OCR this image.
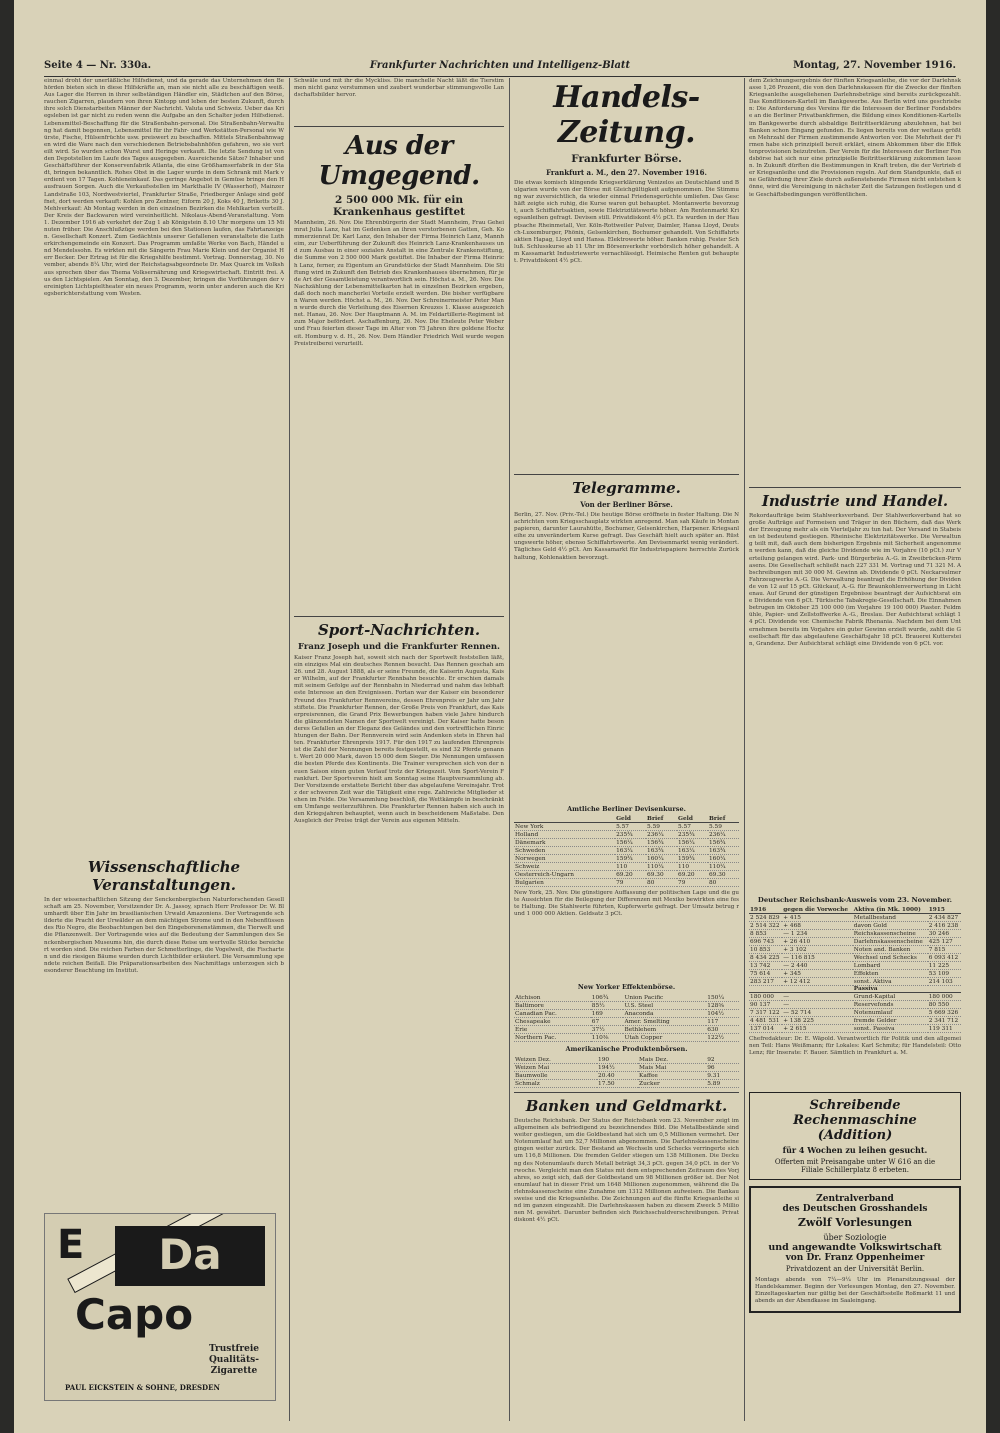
Seite 4 — Nr. 330a.	Frankfurter Nachrichten und Intelligenz-Blatt	Montag, 27. November 1916.
einmal droht der unerläßliche Hilfsdienst, und da gerade das Unternehmen den Behörden bieten sich in diese Hilfskräfte an, man sie nicht alle zu beschäftigen weiß. Aus Lager die Herren in ihrer selbständigen Händler ein, Städtchen auf den Börse, rauchen Zigarren, plaudern von ihren Kintopp und leben der besten Zukunft, durch ihre solch Dienstarbeiten Männer der Nachricht. Valuta und Schweiz. Ueber das Kriegsleben ist gar nicht zu reden wenn die Aufgabe an den Schalter jeden Hilfsdienst. Lebensmittel-Beschaffung für die Straßenbahn-personal. Die Straßenbahn-Verwaltung hat damit begonnen, Lebensmittel für ihr Fahr- und Werkstätten-Personal wie Würste, Fische, Hülsenfrüchte usw. preiswert zu beschaffen. Mittels Straßenbahnwagen wird die Ware nach den verschiedenen Betriebsbahnhöfen gefahren, wo sie verteilt wird. So wurden schon Wurst und Heringe verkauft. Die letzte Sendung ist von den Depotstellen im Laufe des Tages ausgegeben. Ausreichende Sätze? Inhaber und Geschäftsführer der Konservenfabrik Atlanta, die eine Größhamserfabrik in der Stadt, bringen bekanntlich. Rohes Obst in die Lager wurde in dem Schrank mit Mark verdient von 17 Tagen. Kohleneinkauf. Das geringe Angebot in Gemüse bringe den Hausfrauen Sorgen. Auch die Verkaufsstellen im Markthalle IV (Wasserhof), Mainzer Landstraße 103, Nordwestviertel, Frankfurter Straße, Friedberger Anlage sind geöffnet, dort werden verkauft: Kohlen pro Zentner, Eiform 20 J, Koks 40 J, Briketts 30 J. Mehlverkauf: Ab Montag werden in den einzelnen Bezirken die Mehlkarten verteilt. Der Kreis der Backwaren wird vereinheitlicht. Nikolaus-Abend-Veranstaltung. Vom 1. Dezember 1916 ab verkehrt der Zug 1 ab Königstein 8.10 Uhr morgens um 15 Minuten früher. Die Anschlußzüge werden bei den Stationen laufen, das Fahrtanzeigen. Gesellschaft Konzert. Zum Gedächtnis unserer Gefallenen veranstaltete die Lutherkirchengemeinde ein Konzert. Das Programm umfaßte Werke von Bach, Händel und Mendelssohn. Es wirkten mit die Sängerin Frau Marie Klein und der Organist Herr Becker. Der Ertrag ist für die Kriegshilfe bestimmt. Vortrag. Donnerstag, 30. November, abends 8¼ Uhr, wird der Reichstagsabgeordnete Dr. Max Quarck im Volkshaus sprechen über das Thema Volksernährung und Kriegswirtschaft. Eintritt frei. Aus den Lichtspielen. Am Sonntag, den 3. Dezember, bringen die Vorführungen der vereinigten Lichtspieltheater ein neues Programm, worin unter anderen auch die Kriegsberichterstattung vom Westen.
Wissenschaftliche Veranstaltungen.
In der wissenschaftlichen Sitzung der Senckenbergischen Naturforschenden Gesellschaft am 25. November, Vorsitzender Dr. A. Jassoy, sprach Herr Professor Dr. W. Blumhardt über Ein Jahr im brasilianischen Urwald Amazoniens. Der Vortragende schilderte die Pracht der Urwälder an dem mächtigen Strome und in den Nebenflüssen des Rio Negro, die Beobachtungen bei den Eingeborenenstämmen, die Tierwelt und die Pflanzenwelt. Der Vortragende wies auf die Bedeutung der Sammlungen des Senckenbergischen Museums hin, die durch diese Reise um wertvolle Stücke bereichert worden sind. Die reichen Farben der Schmetterlinge, die Vogelwelt, die Fischarten und die riesigen Bäume wurden durch Lichtbilder erläutert. Die Versammlung spendete reichen Beifall. Die Präparationsarbeiten des Nachmittags unterzogen sich besonderer Beachtung im Institut.
E	Da
Capo
Trustfreie
Qualitäts-
Zigarette
PAUL EICKSTEIN & SOHNE, DRESDEN
Schwäle und mit ihr die Myckliss. Die manchelle Nacht läßt die Tierstimmen nicht ganz verstummen und zaubert wunderbar stimmungsvolle Landschaftsbilder hervor.
Aus der Umgegend.
2 500 000 Mk. für ein Krankenhaus gestiftet
Mannheim, 26. Nov. Die Ehrenbürgerin der Stadt Mannheim, Frau Geheimrat Julia Lanz, hat im Gedenken an ihren verstorbenen Gatten, Geh. Kommerzienrat Dr. Karl Lanz, den Inhaber der Firma Heinrich Lanz, Mannheim, zur Ueberführung der Zukunft des Heinrich Lanz-Krankenhauses und zum Ausbau in einer sozialen Anstalt in eine Zentrale Krankenstiftung, die Summe von 2 500 000 Mark gestiftet. Die Inhaber der Firma Heinrich Lanz, ferner, zu Eigentum an Grundstücke der Stadt Mannheim. Die Stiftung wird in Zukunft den Betrieb des Krankenhauses übernehmen, für jede Art der Gesamtleistung verantwortlich sein. Höchst a. M., 26. Nov. Die Nachzählung der Lebensmittelkarten hat in einzelnen Bezirken ergeben, daß doch noch mancherlei Vorteile erzielt werden. Die bisher verfügbaren Waren werden. Höchst a. M., 26. Nov. Der Schreinermeister Peter Mann wurde durch die Verleihung des Eisernen Kreuzes 1. Klasse ausgezeichnet. Hanau, 26. Nov. Der Hauptmann A. M. im Feldartillerie-Regiment ist zum Major befördert. Aschaffenburg, 26. Nov. Die Eheleute Peter Weber und Frau feierten dieser Tage im Alter von 75 Jahren ihre goldene Hochzeit. Homburg v. d. H., 26. Nov. Dem Händler Friedrich Weil wurde wegen Preistreiberei verurteilt.
Sport-Nachrichten.
Franz Joseph und die Frankfurter Rennen.
Kaiser Franz Joseph hat, soweit sich nach der Sportwelt feststellen läßt, ein einziges Mal ein deutsches Rennen besucht. Das Rennen geschah am 26. und 28. August 1888, als er seine Freunde, die Kaiserin Augusta, Kaiser Wilhelm, auf der Frankfurter Rennbahn besuchte. Er erschien damals mit seinem Gefolge auf der Rennbahn in Niederrad und nahm das lebhafteste Interesse an den Ereignissen. Fortan war der Kaiser ein besonderer Freund des Frankfurter Rennvereins, dessen Ehrenpreis er Jahr um Jahr stiftete. Die Frankfurter Rennen, der Große Preis von Frankfurt, das Kaiserpreisrennen, die Grand Prix Bewerbungen haben viele Jahre hindurch die glänzendsten Namen der Sportwelt vereinigt. Der Kaiser hatte besonderes Gefallen an der Eleganz des Geländes und den vortrefflichen Einrichtungen der Bahn. Der Rennverein wird sein Andenken stets in Ehren halten. Frankfurter Ehrenpreis 1917. Für den 1917 zu laufenden Ehrenpreis ist die Zahl der Nennungen bereits festgestellt, es sind 32 Pferde genannt. Wert 20 000 Mark, davon 15 000 dem Sieger. Die Nennungen umfassen die besten Pferde des Kontinents. Die Trainer versprechen sich von der neuen Saison einen guten Verlauf trotz der Kriegszeit. Vom Sport-Verein Frankfurt. Der Sportverein hielt am Sonntag seine Hauptversammlung ab. Der Vorsitzende erstattete Bericht über das abgelaufene Vereinsjahr. Trotz der schweren Zeit war die Tätigkeit eine rege. Zahlreiche Mitglieder stehen im Felde. Die Versammlung beschloß, die Wettkämpfe in beschränktem Umfange weiterzuführen. Die Frankfurter Rennen haben sich auch in den Kriegsjahren behauptet, wenn auch in bescheidenem Maßstabe. Den Ausgleich der Preise trägt der Verein aus eigenen Mitteln.
Handels-Zeitung.
Frankfurter Börse.
Frankfurt a. M., den 27. November 1916.
Die etwas komisch klingende Kriegserklärung Venizelos an Deutschland und Bulgarien wurde von der Börse mit Gleichgültigkeit aufgenommen. Die Stimmung war zuversichtlich, da wieder einmal Friedensgerüchte umliefen. Das Geschäft zeigte sich ruhig, die Kurse waren gut behauptet. Montanwerte bevorzugt, auch Schiffahrtsaktien, sowie Elektrizitätswerte höher. Am Rentenmarkt Kriegsanleihen gefragt. Devisen still. Privatdiskont 4½ pCt. Es wurden in der Hauptsache Rheinmetall, Ver. Köln-Rottweiler Pulver, Daimler, Hansa Lloyd, Deutsch-Luxemburger, Phönix, Gelsenkirchen, Bochumer gehandelt. Von Schiffahrtsaktien Hapag, Lloyd und Hansa. Elektrowerte höher. Banken ruhig. Fester Schluß. Schlusskurse ab 11 Uhr im Börsenverkehr vorbörslich höher gehandelt. Am Kassamarkt Industriewerte vernachlässigt. Heimische Renten gut behauptet. Privatdiskont 4½ pCt.
Telegramme.
Von der Berliner Börse.
Berlin, 27. Nov. (Priv.-Tel.) Die heutige Börse eröffnete in fester Haltung. Die Nachrichten vom Kriegsschauplatz wirkten anregend. Man sah Käufe in Montanpapieren, darunter Laurahütte, Bochumer, Gelsenkirchen, Harpener. Kriegsanleihe zu unverändertem Kurse gefragt. Das Geschäft hielt auch später an. Rüstungswerte höher, ebenso Schiffahrtswerte. Am Devisenmarkt wenig verändert. Tägliches Geld 4½ pCt. Am Kassamarkt für Industriepapiere herrschte Zurückhaltung, Kohlenaktien bevorzugt.
Amtliche Berliner Devisenkurse.
	Geld	Brief	Geld	Brief
New York	5.57	5.59	5.57	5.59
Holland	235¾	236¼	235¾	236¼
Dänemark	156¼	156¾	156¼	156¾
Schweden	163¼	163¾	163¼	163¾
Norwegen	159¾	160¼	159¾	160¼
Schweiz	110	110¼	110	110¼
Oesterreich-Ungarn	69.20	69.30	69.20	69.30
Bulgarien	79	80	79	80
New York, 25. Nov. Die günstigere Auffassung der politischen Lage und die gute Aussichten für die Beilegung der Differenzen mit Mexiko bewirkten eine feste Haltung. Die Stahlwerte führten, Kupferwerte gefragt. Der Umsatz betrug rund 1 000 000 Aktien. Geldsatz 3 pCt.
New Yorker Effektenbörse.
Atchison	106¾	Union Pacific	150¼
Baltimore	85½	U.S. Steel	128⅜
Canadian Pac.	169	Anaconda	104½
Chesapeake	67	Amer. Smelting	117
Erie	37½	Bethlehem	630
Northern Pac.	110⅜	Utah Copper	122½
Amerikanische Produktenbörsen.
Weizen Dez.	190	Mais Dez.	92
Weizen Mai	194½	Mais Mai	96
Baumwolle	20.40	Kaffee	9.31
Schmalz	17.50	Zucker	5.89
Banken und Geldmarkt.
Deutsche Reichsbank. Der Status der Reichsbank vom 23. November zeigt im allgemeinen als befriedigend zu bezeichnendes Bild. Die Metallbestände sind weiter gestiegen, um die Goldbestand hat sich um 0,5 Millionen vermehrt. Der Notenumlauf hat um 52,7 Millionen abgenommen. Die Darlehnskassenscheine gingen weiter zurück. Der Bestand an Wechseln und Schecks verringerte sich um 116,8 Millionen. Die fremden Gelder stiegen um 138 Millionen. Die Deckung des Notenumlaufs durch Metall beträgt 34,3 pCt. gegen 34,0 pCt. in der Vorwoche. Vergleicht man den Status mit dem entsprechenden Zeitraum des Vorjahres, so zeigt sich, daß der Goldbestand um 98 Millionen größer ist. Der Notenumlauf hat in dieser Frist um 1648 Millionen zugenommen, während die Darlehnskassenscheine eine Zunahme um 1312 Millionen aufweisen. Die Bankausweise und die Kriegsanleihe. Die Zeichnungen auf die fünfte Kriegsanleihe sind im ganzen eingezahlt. Die Darlehnskassen haben zu diesem Zweck 5 Millionen M. gewährt. Darunter befinden sich Reichsschuldverschreibungen. Privatdiskont 4½ pCt.
dem Zeichnungsergebnis der fünften Kriegsanleihe, die vor der Darlehnskasse 1,26 Prozent, die von den Darlehnskassen für die Zwecke der fünften Kriegsanleihe ausgeliehenen Darlehnsbeträge sind bereits zurückgezahlt. Das Konditionen-Kartell im Bankgewerbe. Aus Berlin wird uns geschrieben: Die Anforderung des Vereins für die Interessen der Berliner Fondsbörse an die Berliner Privatbankfirmen, die Bildung eines Konditionen-Kartells im Bankgewerbe durch alsbaldige Beitrittserklärung abzulehnen, hat bei Banken schon Eingang gefunden. Es liegen bereits von der weitaus größten Mehrzahl der Firmen zustimmende Antworten vor. Die Mehrheit der Firmen habe sich prinzipiell bereit erklärt, einem Abkommen über die Effektenprovisionen beizutreten. Der Verein für die Interessen der Berliner Fondsbörse hat sich nur eine prinzipielle Beitrittserklärung zukommen lassen. In Zukunft dürften die Bestimmungen in Kraft treten, die der Vertrieb der Kriegsanleihe und die Provisionen regeln. Auf dem Standpunkte, daß eine Gefährdung ihrer Ziele durch außenstehende Firmen nicht entstehen könne, wird die Vereinigung in nächster Zeit die Satzungen festlegen und die Geschäftsbedingungen veröffentlichen.
Industrie und Handel.
Rekordaufträge beim Stahlwerksverband. Der Stahlwerksverband hat so große Aufträge auf Formeisen und Träger in den Büchern, daß das Werk der Erzeugung mehr als ein Vierteljahr zu tun hat. Der Versand in Stabeisen ist bedeutend gestiegen. Rheinische Elektrizitätswerke. Die Verwaltung teilt mit, daß auch dem bisherigen Ergebnis mit Sicherheit angenommen werden kann, daß die gleiche Dividende wie im Vorjahre (10 pCt.) zur Verteilung gelangen wird. Park- und Bürgerbräu A.-G. in Zweibrücken-Pirmasens. Die Gesellschaft schließt nach 227 331 M. Vortrag und 71 321 M. Abschreibungen mit 30 000 M. Gewinn ab. Dividende 0 pCt. Neckarsulmer Fahrzeugwerke A.-G. Die Verwaltung beantragt die Erhöhung der Dividende von 12 auf 15 pCt. Glückauf, A.-G. für Braunkohlenverwertung in Lichtenau. Auf Grund der günstigen Ergebnisse beantragt der Aufsichtsrat eine Dividende von 6 pCt. Türkische Tabakregie-Gesellschaft. Die Einnahmen betrugen im Oktober 25 100 000 (im Vorjahre 19 100 000) Piaster. Feldmühle, Papier- und Zellstoffwerke A.-G., Breslau. Der Aufsichtsrat schlägt 14 pCt. Dividende vor. Chemische Fabrik Rhenania. Nachdem bei dem Unternehmen bereits im Vorjahre ein guter Gewinn erzielt wurde, zahlt die Gesellschaft für das abgelaufene Geschäftsjahr 18 pCt. Brauerei Kutterstein, Grandenz. Der Aufsichtsrat schlägt eine Dividende von 6 pCt. vor.
Deutscher Reichsbank-Ausweis vom 23. November.
1916	gegen die Vorwoche	Aktiva (in Mk. 1000)	1915
2 524 829	+ 415	Metallbestand	2 434 827
2 514 322	+ 468	davon Gold	2 416 238
8 853	— 1 234	Reichskassenscheine	30 246
696 743	+ 26 410	Darlehnskassenscheine	425 127
10 853	+ 3 102	Noten and. Banken	7 815
8 434 225	— 116 815	Wechsel und Schecks	6 093 412
13 742	— 2 440	Lombard	11 225
75 614	+ 345	Effekten	53 109
283 217	+ 12 412	sonst. Aktiva	214 103
		Passiva	
180 000	—	Grund-Kapital	180 000
90 137	—	Reservefonds	80 550
7 317 122	— 52 714	Notenumlauf	5 669 326
4 481 531	+ 138 225	fremde Gelder	2 341 712
137 014	+ 2 615	sonst. Passiva	119 311
Chefredakteur: Dr. E. Wäpold. Verantwortlich für Politik und den allgemeinen Teil: Hans Weißmann; für Lokales: Karl Schmitz; für Handelsteil: Otto Lenz; für Inserate: F. Bauer. Sämtlich in Frankfurt a. M.
Schreibende Rechenmaschine (Addition)
für 4 Wochen zu leihen gesucht.
Offerten mit Preisangabe unter W 616 an die
Filiale Schillerplatz 8 erbeten.
Zentralverband
des Deutschen Grosshandels
Zwölf Vorlesungen
über Soziologie
und angewandte Volkswirtschaft
von Dr. Franz Oppenheimer
Privatdozent an der Universität Berlin.
Montags abends von 7¼—9¼ Uhr im Plenarsitzungssaal der Handelskammer. Beginn der Vorlesungen Montag, den 27. November. Einzeltageskarten nur gültig bei der Geschäftsstelle Roßmarkt 11 und abends an der Abendkasse im Saaleingang.
